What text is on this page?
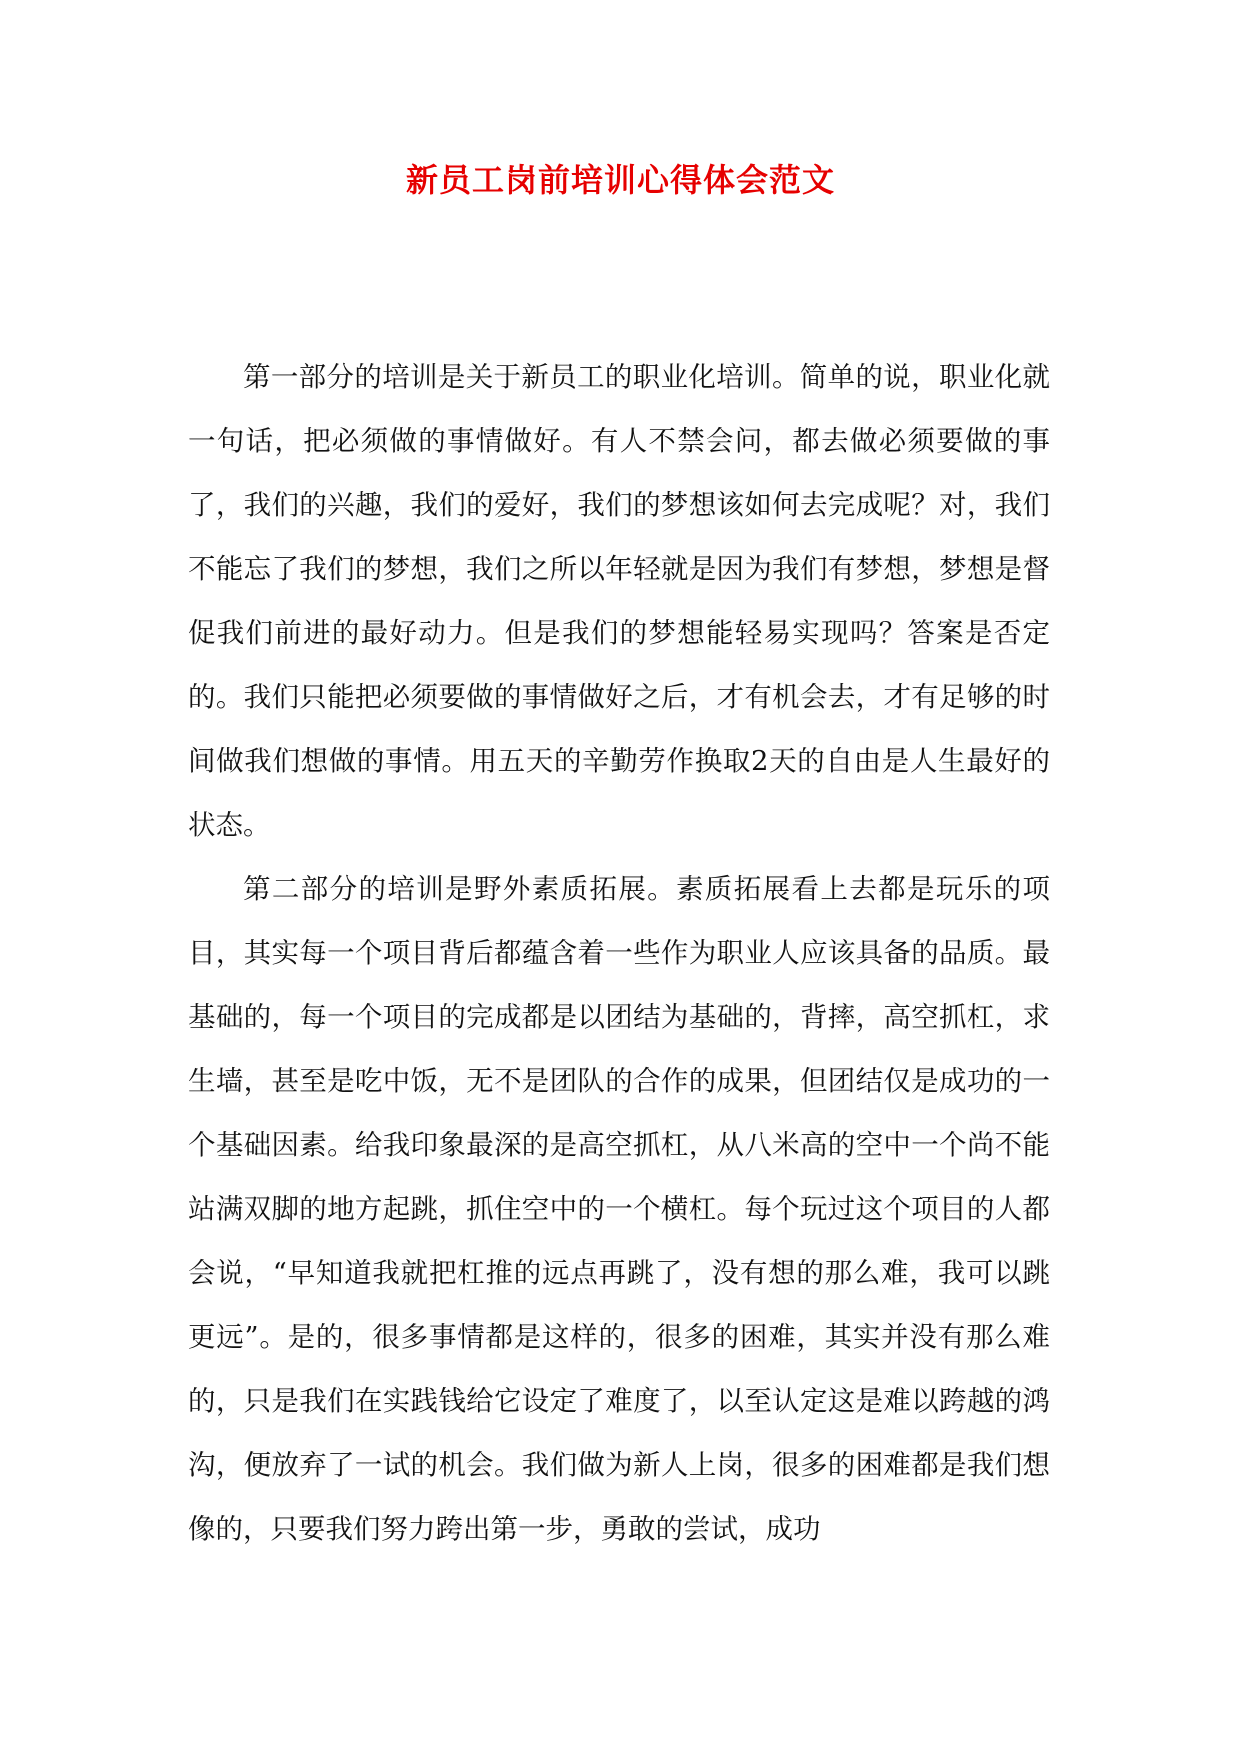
新员工岗前培训心得体会范文

第一部分的培训是关于新员工的职业化培训。简单的说，职业化就一句话，把必须做的事情做好。有人不禁会问，都去做必须要做的事了，我们的兴趣，我们的爱好，我们的梦想该如何去完成呢？对，我们不能忘了我们的梦想，我们之所以年轻就是因为我们有梦想，梦想是督促我们前进的最好动力。但是我们的梦想能轻易实现吗？答案是否定的。我们只能把必须要做的事情做好之后，才有机会去，才有足够的时间做我们想做的事情。用五天的辛勤劳作换取2天的自由是人生最好的状态。

第二部分的培训是野外素质拓展。素质拓展看上去都是玩乐的项目，其实每一个项目背后都蕴含着一些作为职业人应该具备的品质。最基础的，每一个项目的完成都是以团结为基础的，背摔，高空抓杠，求生墙，甚至是吃中饭，无不是团队的合作的成果，但团结仅是成功的一个基础因素。给我印象最深的是高空抓杠，从八米高的空中一个尚不能站满双脚的地方起跳，抓住空中的一个横杠。每个玩过这个项目的人都会说，“早知道我就把杠推的远点再跳了，没有想的那么难，我可以跳更远”。是的，很多事情都是这样的，很多的困难，其实并没有那么难的，只是我们在实践钱给它设定了难度了，以至认定这是难以跨越的鸿沟，便放弃了一试的机会。我们做为新人上岗，很多的困难都是我们想像的，只要我们努力跨出第一步，勇敢的尝试，成功
